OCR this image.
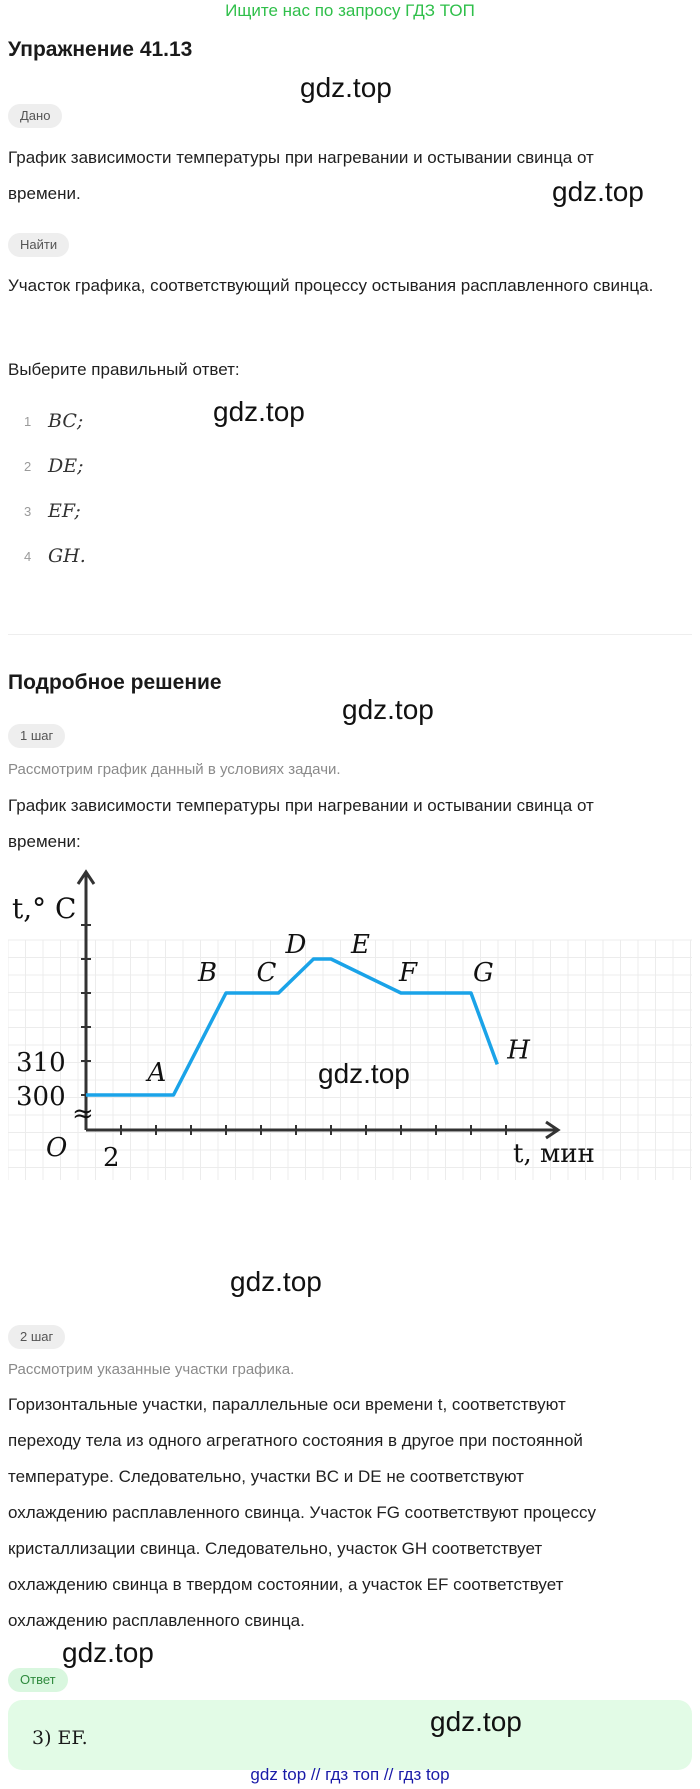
Ищите нас по запросу ГДЗ ТОП
Упражнение 41.13
gdz.top
Дано
График зависимости температуры при нагревании и остывании свинца от времени.	gdz.top
Найти
Участок графика, соответствующий процессу остывания расплавленного свинца.
Выберите правильный ответ:
gdz.top
1 BC;
2 DE;
3 EF;
4 GH.
Подробное решение
gdz.top
1 шаг
Рассмотрим график данный в условиях задачи.
График зависимости температуры при нагревании и остывании свинца от времени:
A
B C
D E
F G
H
t,° C
t, мин
O 2
300
310
≈
gdz.top
gdz.top
2 шаг
Рассмотрим указанные участки графика.
Горизонтальные участки, параллельные оси времени t, соответствуют
переходу тела из одного агрегатного состояния в другое при постоянной
температуре. Следовательно, участки BC и DE не соответствуют
охлаждению расплавленного свинца. Участок FG соответствуют процессу
кристаллизации свинца. Следовательно, участок GH соответствует
охлаждению свинца в твердом состоянии, а участок EF соответствует
охлаждению расплавленного свинца.
gdz.top
Ответ
gdz.top
3) EF.
gdz top // гдз топ // гдз top
